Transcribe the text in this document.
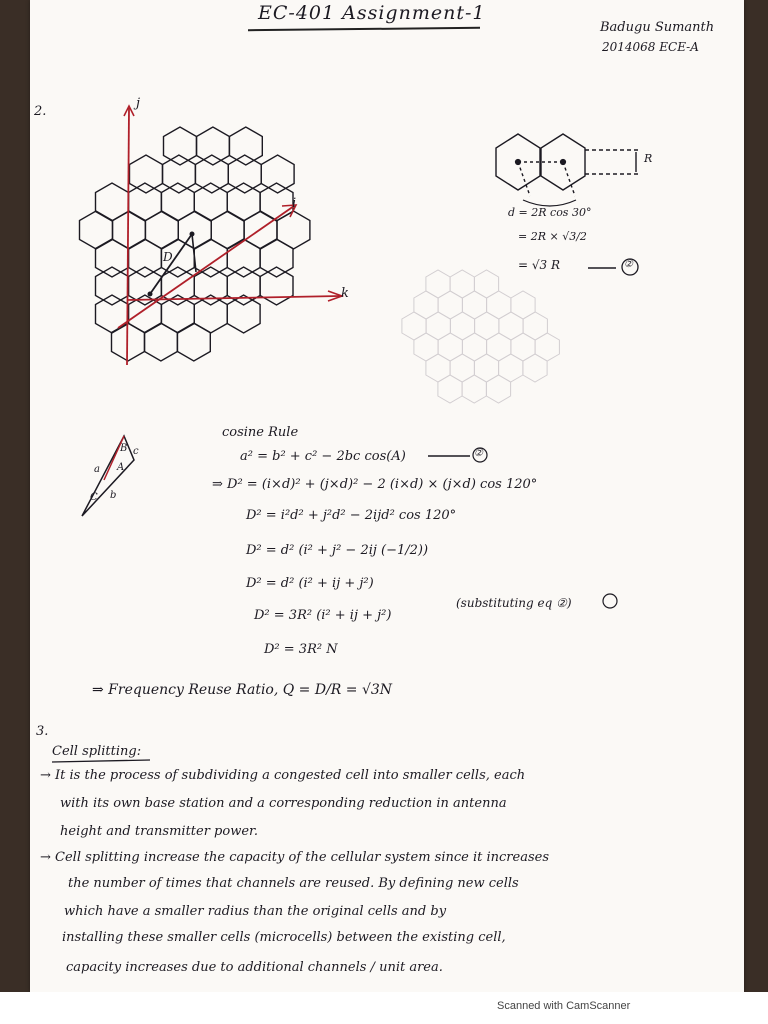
EC-401 Assignment-1
Badugu Sumanth
2014068 ECE-A
2.
j
i
k
D
R
d = 2R cos 30°
= 2R × √3/2
= √3 R	②
a
B c
A
C b
cosine Rule
a² = b² + c² − 2bc cos(A)	②
⇒ D² = (i×d)² + (j×d)² − 2 (i×d) × (j×d) cos 120°
D² = i²d² + j²d² − 2ijd² cos 120°
D² = d² (i² + j² − 2ij (−1/2))
D² = d² (i² + ij + j²)
D² = 3R² (i² + ij + j²)
(substituting eq ②)
D² = 3R² N
⇒ Frequency Reuse Ratio, Q = D/R = √3N
3.
Cell splitting:
→ It is the process of subdividing a congested cell into smaller cells, each
with its own base station and a corresponding reduction in antenna
height and transmitter power.
→ Cell splitting increase the capacity of the cellular system since it increases
the number of times that channels are reused. By defining new cells
which have a smaller radius than the original cells and by
installing these smaller cells (microcells) between the existing cell,
capacity increases due to additional channels / unit area.
Scanned with CamScanner
